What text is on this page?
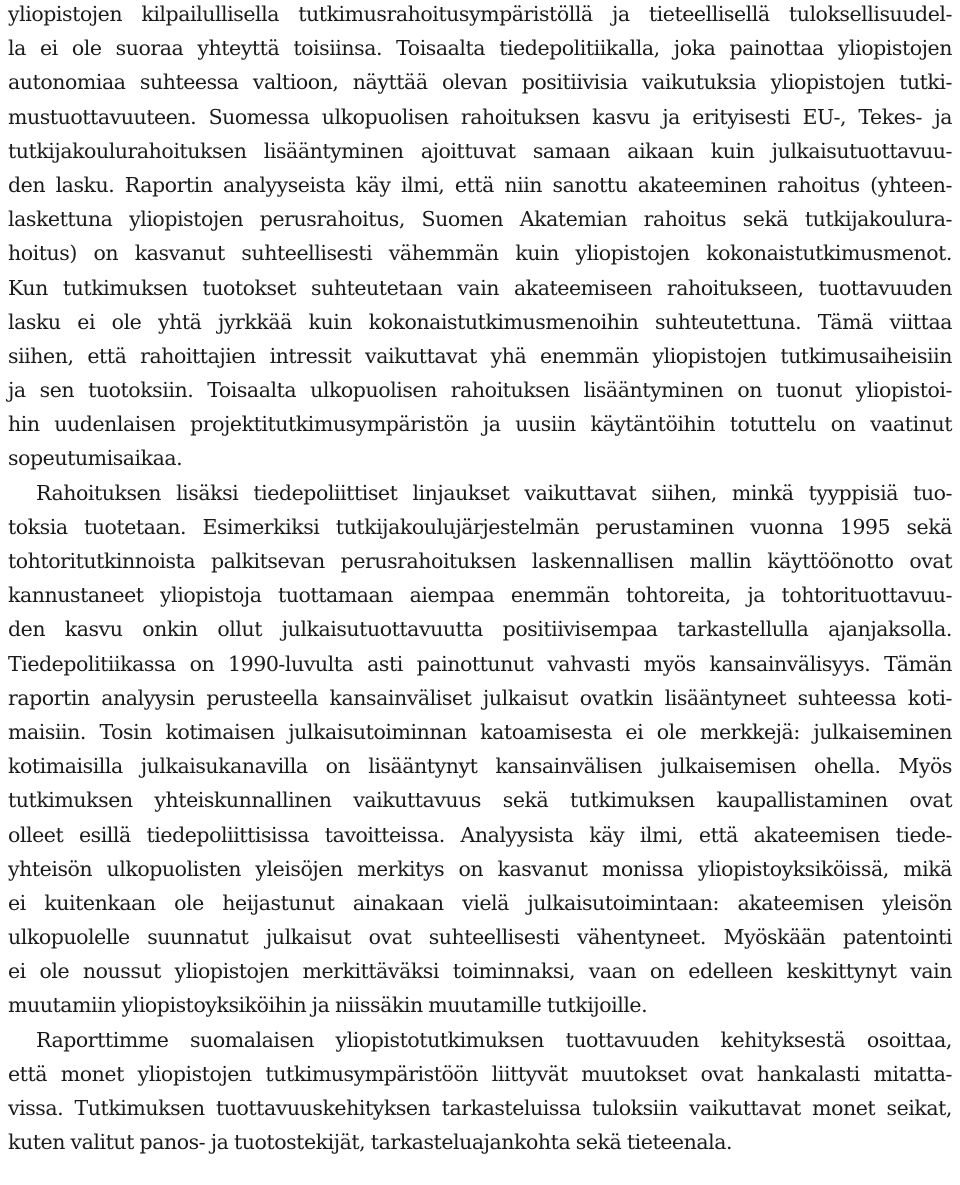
yliopistojen kilpailullisella tutkimusrahoitusympäristöllä ja tieteellisellä tuloksellisuudel-
la ei ole suoraa yhteyttä toisiinsa. Toisaalta tiedepolitiikalla, joka painottaa yliopistojen
autonomiaa suhteessa valtioon, näyttää olevan positiivisia vaikutuksia yliopistojen tutki-
mustuottavuuteen. Suomessa ulkopuolisen rahoituksen kasvu ja erityisesti EU-, Tekes- ja
tutkijakoulurahoituksen lisääntyminen ajoittuvat samaan aikaan kuin julkaisutuottavuu-
den lasku. Raportin analyyseista käy ilmi, että niin sanottu akateeminen rahoitus (yhteen-
laskettuna yliopistojen perusrahoitus, Suomen Akatemian rahoitus sekä tutkijakoulura-
hoitus) on kasvanut suhteellisesti vähemmän kuin yliopistojen kokonaistutkimusmenot.
Kun tutkimuksen tuotokset suhteutetaan vain akateemiseen rahoitukseen, tuottavuuden
lasku ei ole yhtä jyrkkää kuin kokonaistutkimusmenoihin suhteutettuna. Tämä viittaa
siihen, että rahoittajien intressit vaikuttavat yhä enemmän yliopistojen tutkimusaiheisiin
ja sen tuotoksiin. Toisaalta ulkopuolisen rahoituksen lisääntyminen on tuonut yliopistoi-
hin uudenlaisen projektitutkimusympäristön ja uusiin käytäntöihin totuttelu on vaatinut
sopeutumisaikaa.
Rahoituksen lisäksi tiedepoliittiset linjaukset vaikuttavat siihen, minkä tyyppisiä tuo-
toksia tuotetaan. Esimerkiksi tutkijakoulujärjestelmän perustaminen vuonna 1995 sekä
tohtoritutkinnoista palkitsevan perusrahoituksen laskennallisen mallin käyttöönotto ovat
kannustaneet yliopistoja tuottamaan aiempaa enemmän tohtoreita, ja tohtorituottavuu-
den kasvu onkin ollut julkaisutuottavuutta positiivisempaa tarkastellulla ajanjaksolla.
Tiedepolitiikassa on 1990-luvulta asti painottunut vahvasti myös kansainvälisyys. Tämän
raportin analyysin perusteella kansainväliset julkaisut ovatkin lisääntyneet suhteessa koti-
maisiin. Tosin kotimaisen julkaisutoiminnan katoamisesta ei ole merkkejä: julkaiseminen
kotimaisilla julkaisukanavilla on lisääntynyt kansainvälisen julkaisemisen ohella. Myös
tutkimuksen yhteiskunnallinen vaikuttavuus sekä tutkimuksen kaupallistaminen ovat
olleet esillä tiedepoliittisissa tavoitteissa. Analyysista käy ilmi, että akateemisen tiede-
yhteisön ulkopuolisten yleisöjen merkitys on kasvanut monissa yliopistoyksiköissä, mikä
ei kuitenkaan ole heijastunut ainakaan vielä julkaisutoimintaan: akateemisen yleisön
ulkopuolelle suunnatut julkaisut ovat suhteellisesti vähentyneet. Myöskään patentointi
ei ole noussut yliopistojen merkittäväksi toiminnaksi, vaan on edelleen keskittynyt vain
muutamiin yliopistoyksiköihin ja niissäkin muutamille tutkijoille.
Raporttimme suomalaisen yliopistotutkimuksen tuottavuuden kehityksestä osoittaa,
että monet yliopistojen tutkimusympäristöön liittyvät muutokset ovat hankalasti mitatta-
vissa. Tutkimuksen tuottavuuskehityksen tarkasteluissa tuloksiin vaikuttavat monet seikat,
kuten valitut panos- ja tuotostekijät, tarkasteluajankohta sekä tieteenala.
